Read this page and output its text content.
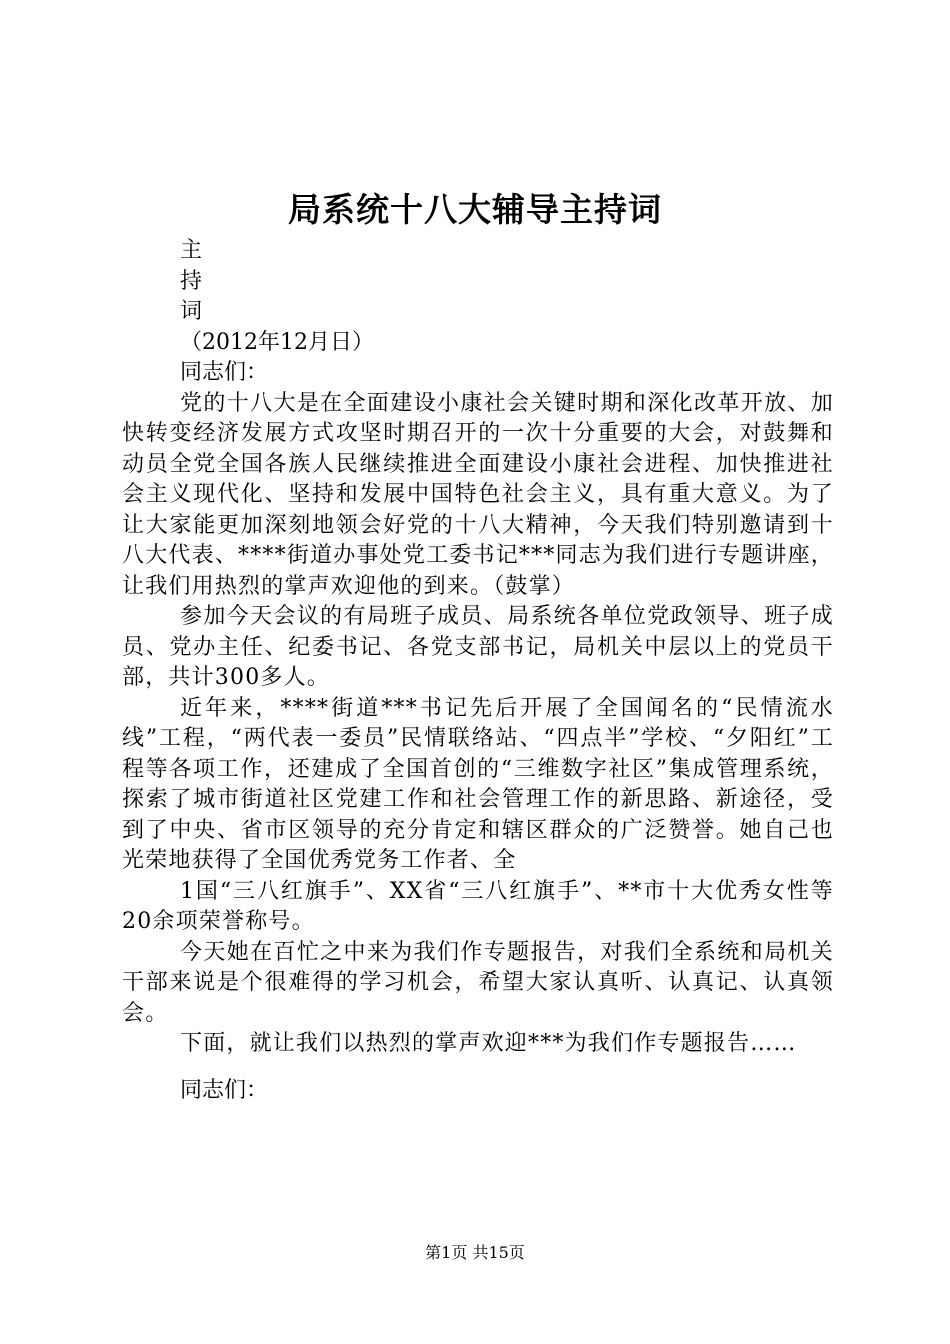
局系统十八大辅导主持词
主
持
词
（2012年12月日）
同志们：

党的十八大是在全面建设小康社会关键时期和深化改革开放、加快转变经济发展方式攻坚时期召开的一次十分重要的大会，对鼓舞和动员全党全国各族人民继续推进全面建设小康社会进程、加快推进社会主义现代化、坚持和发展中国特色社会主义，具有重大意义。为了让大家能更加深刻地领会好党的十八大精神，今天我们特别邀请到十八大代表、****街道办事处党工委书记***同志为我们进行专题讲座，让我们用热烈的掌声欢迎他的到来。（鼓掌）

参加今天会议的有局班子成员、局系统各单位党政领导、班子成员、党办主任、纪委书记、各党支部书记，局机关中层以上的党员干部，共计300多人。

近年来，****街道***书记先后开展了全国闻名的“民情流水线”工程，“两代表一委员”民情联络站、“四点半”学校、“夕阳红”工程等各项工作，还建成了全国首创的“三维数字社区”集成管理系统，探索了城市街道社区党建工作和社会管理工作的新思路、新途径，受到了中央、省市区领导的充分肯定和辖区群众的广泛赞誉。她自己也光荣地获得了全国优秀党务工作者、全

1国“三八红旗手”、XX省“三八红旗手”、**市十大优秀女性等20余项荣誉称号。

今天她在百忙之中来为我们作专题报告，对我们全系统和局机关干部来说是个很难得的学习机会，希望大家认真听、认真记、认真领会。

下面，就让我们以热烈的掌声欢迎***为我们作专题报告……

同志们：
第1页 共15页
